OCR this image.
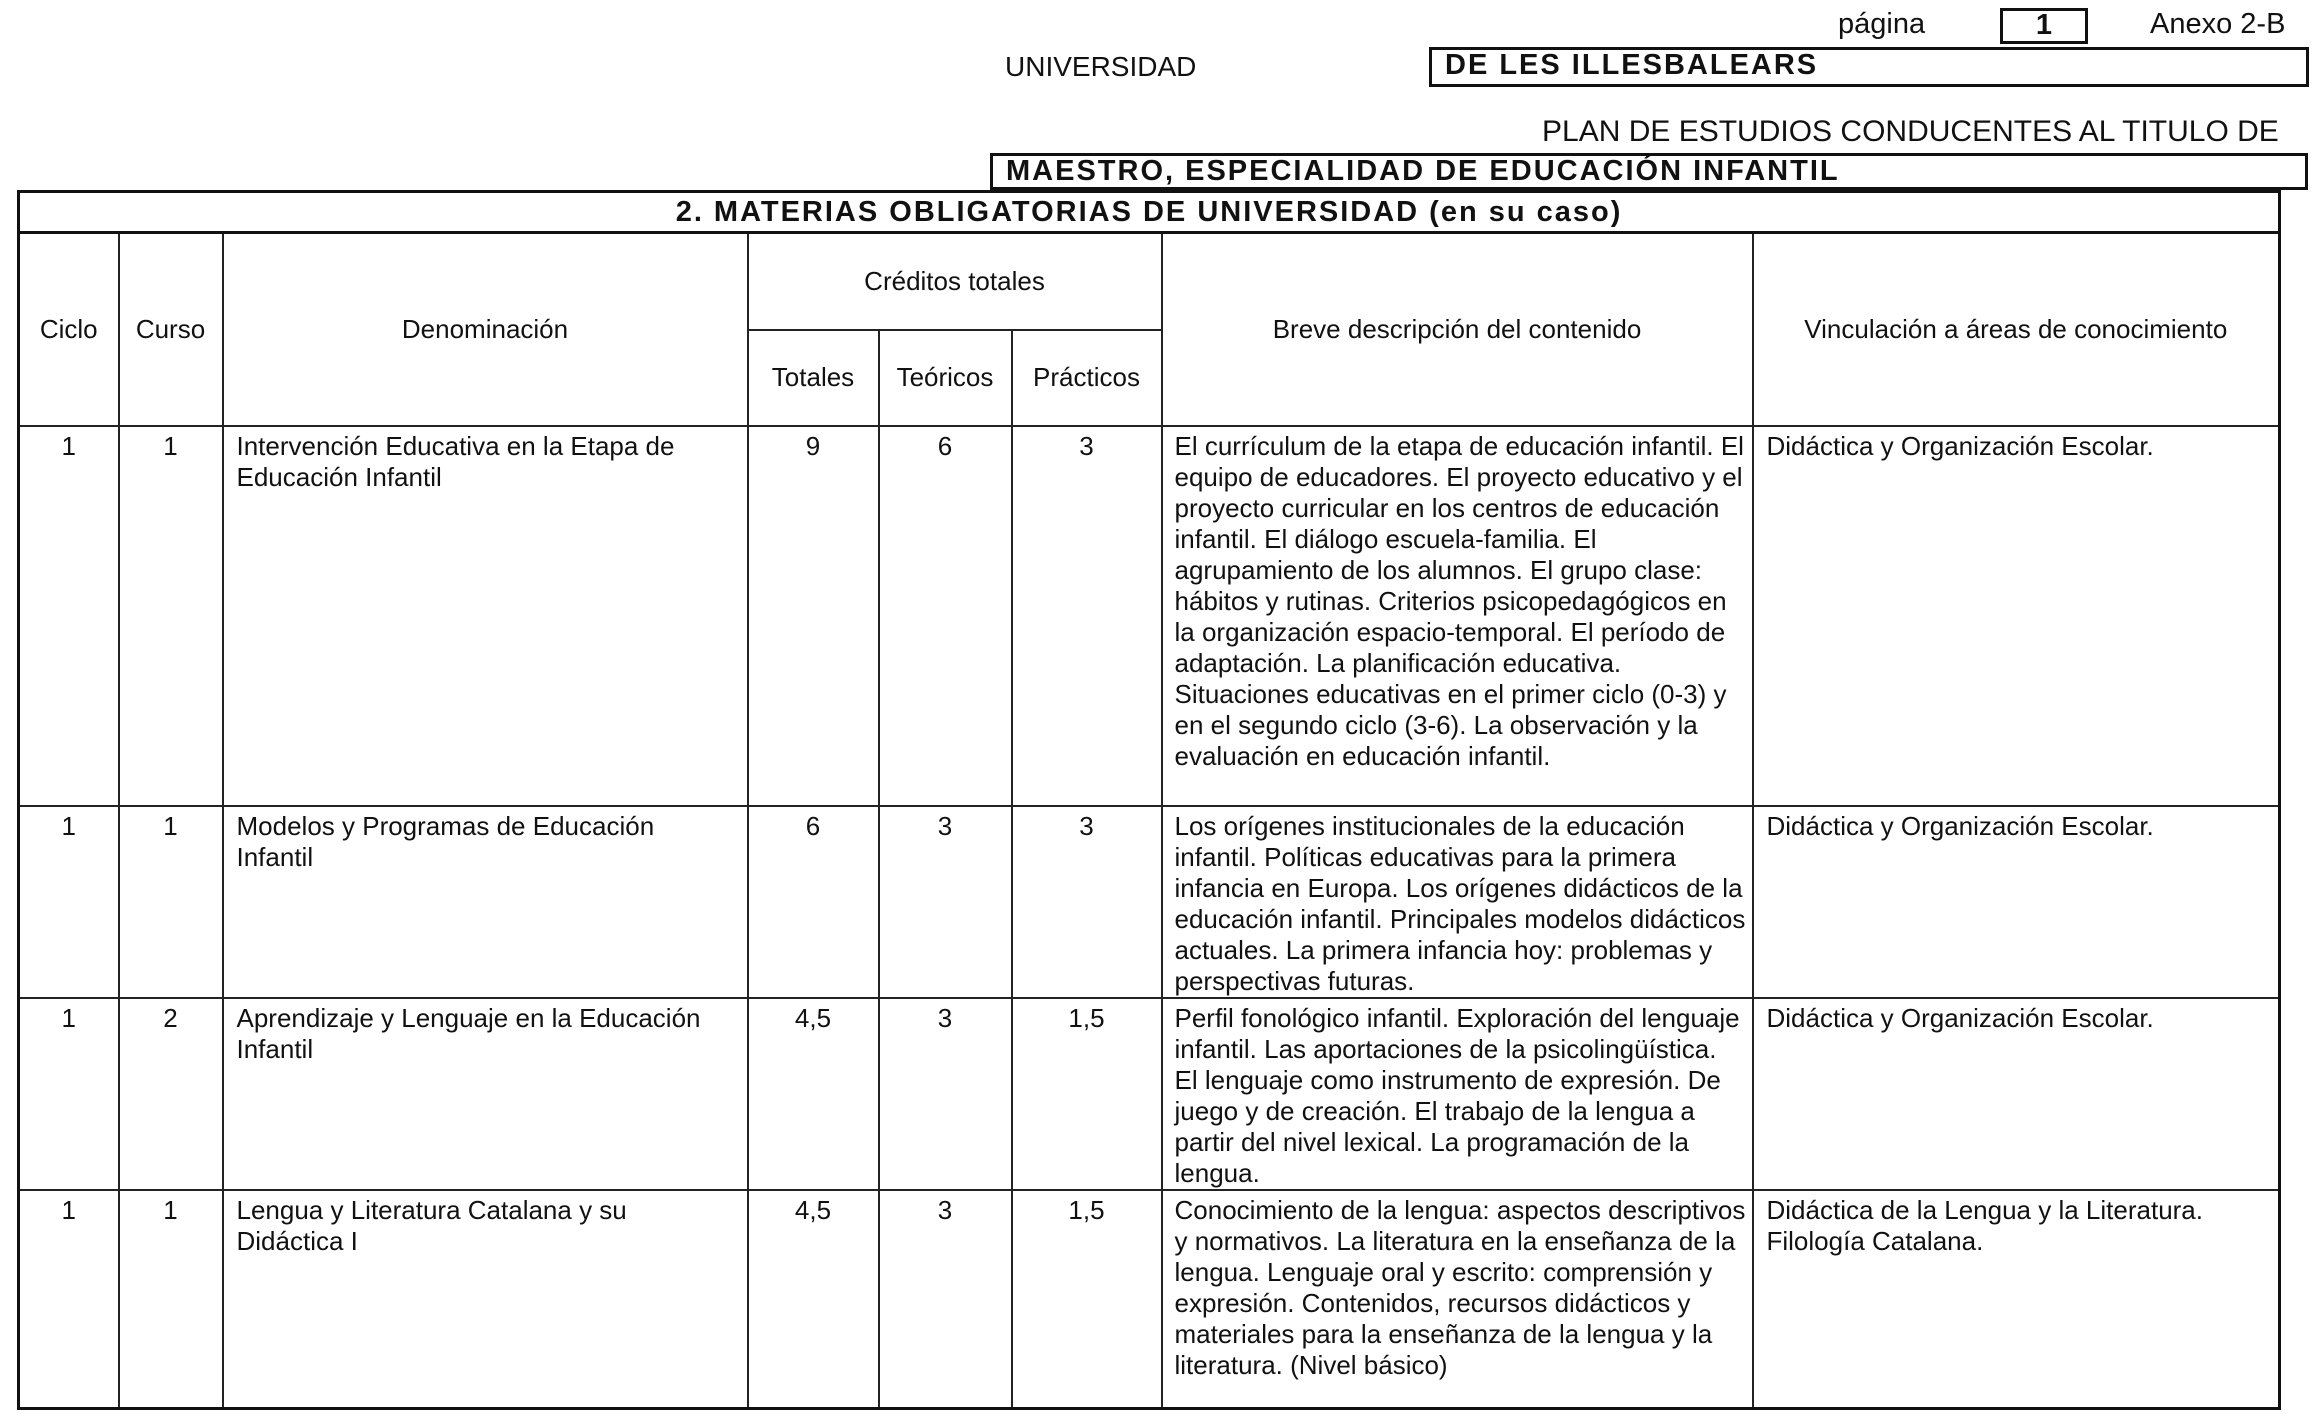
página	1	Anexo 2-B
UNIVERSIDAD	DE LES ILLESBALEARS
PLAN DE ESTUDIOS CONDUCENTES AL TITULO DE
MAESTRO, ESPECIALIDAD DE EDUCACIÓN INFANTIL
2. MATERIAS OBLIGATORIAS DE UNIVERSIDAD (en su caso)							
Ciclo	Curso	Denominación	Créditos totales			Breve descripción del contenido	Vinculación a áreas de conocimiento
			Totales	Teóricos	Prácticos		
1	1	Intervención Educativa en la Etapa de Educación Infantil	9	6	3	El currículum de la etapa de educación infantil. El equipo de educadores. El proyecto educativo y el proyecto curricular en los centros de educación infantil. El diálogo escuela-familia. El agrupamiento de los alumnos. El grupo clase: hábitos y rutinas. Criterios psicopedagógicos en la organización espacio-temporal. El período de adaptación. La planificación educativa. Situaciones educativas en el primer ciclo (0-3) y en el segundo ciclo (3-6). La observación y la evaluación en educación infantil.	Didáctica y Organización Escolar.
1	1	Modelos y Programas de Educación Infantil	6	3	3	Los orígenes institucionales de la educación infantil. Políticas educativas para la primera infancia en Europa. Los orígenes didácticos de la educación infantil. Principales modelos didácticos actuales. La primera infancia hoy: problemas y perspectivas futuras.	Didáctica y Organización Escolar.
1	2	Aprendizaje y Lenguaje en la Educación Infantil	4,5	3	1,5	Perfil fonológico infantil. Exploración del lenguaje infantil. Las aportaciones de la psicolingüística. El lenguaje como instrumento de expresión. De juego y de creación. El trabajo de la lengua a partir del nivel lexical. La programación de la lengua.	Didáctica y Organización Escolar.
1	1	Lengua y Literatura Catalana y su Didáctica I	4,5	3	1,5	Conocimiento de la lengua: aspectos descriptivos y normativos. La literatura en la enseñanza de la lengua. Lenguaje oral y escrito: comprensión y expresión. Contenidos, recursos didácticos y materiales para la enseñanza de la lengua y la literatura. (Nivel básico)	Didáctica de la Lengua y la Literatura. Filología Catalana.
